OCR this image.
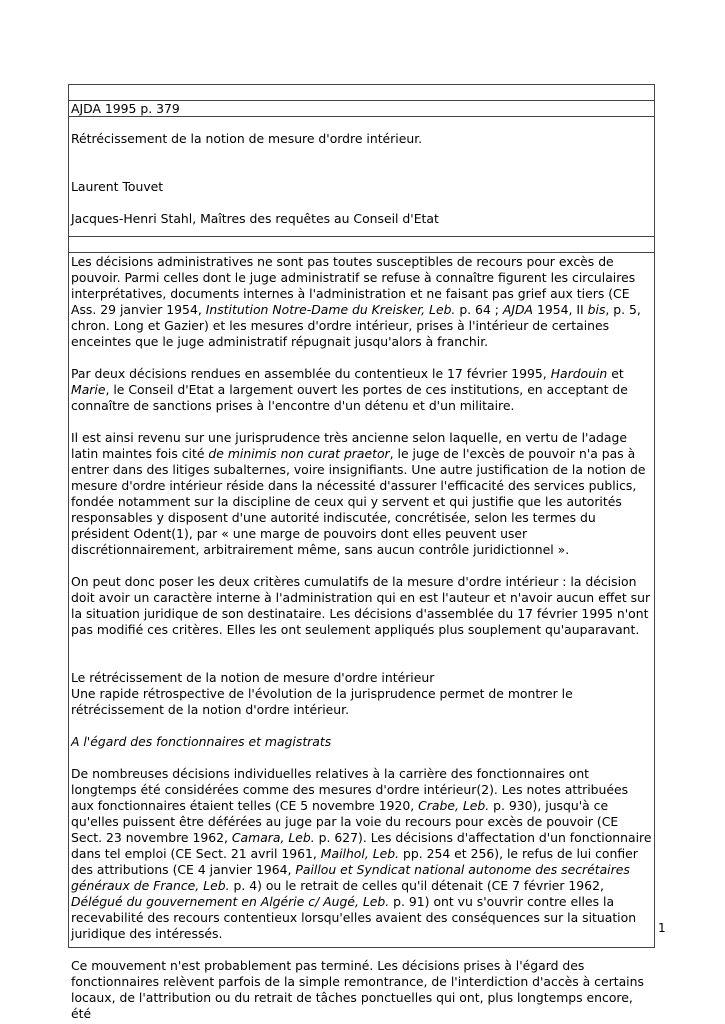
AJDA 1995 p. 379
Rétrécissement de la notion de mesure d'ordre intérieur.
Laurent Touvet
Jacques-Henri Stahl, Maîtres des requêtes au Conseil d'Etat

Les décisions administratives ne sont pas toutes susceptibles de recours pour excès de pouvoir. Parmi celles dont le juge administratif se refuse à connaître figurent les circulaires interprétatives, documents internes à l'administration et ne faisant pas grief aux tiers (CE Ass. 29 janvier 1954, Institution Notre-Dame du Kreisker, Leb. p. 64 ; AJDA 1954, II bis, p. 5, chron. Long et Gazier) et les mesures d'ordre intérieur, prises à l'intérieur de certaines enceintes que le juge administratif répugnait jusqu'alors à franchir.

Par deux décisions rendues en assemblée du contentieux le 17 février 1995, Hardouin et Marie, le Conseil d'Etat a largement ouvert les portes de ces institutions, en acceptant de connaître de sanctions prises à l'encontre d'un détenu et d'un militaire.

Il est ainsi revenu sur une jurisprudence très ancienne selon laquelle, en vertu de l'adage latin maintes fois cité de minimis non curat praetor, le juge de l'excès de pouvoir n'a pas à entrer dans des litiges subalternes, voire insignifiants. Une autre justification de la notion de mesure d'ordre intérieur réside dans la nécessité d'assurer l'efficacité des services publics, fondée notamment sur la discipline de ceux qui y servent et qui justifie que les autorités responsables y disposent d'une autorité indiscutée, concrétisée, selon les termes du président Odent(1), par « une marge de pouvoirs dont elles peuvent user discrétionnairement, arbitrairement même, sans aucun contrôle juridictionnel ».

On peut donc poser les deux critères cumulatifs de la mesure d'ordre intérieur : la décision doit avoir un caractère interne à l'administration qui en est l'auteur et n'avoir aucun effet sur la situation juridique de son destinataire. Les décisions d'assemblée du 17 février 1995 n'ont pas modifié ces critères. Elles les ont seulement appliqués plus souplement qu'auparavant.

Le rétrécissement de la notion de mesure d'ordre intérieur
Une rapide rétrospective de l'évolution de la jurisprudence permet de montrer le rétrécissement de la notion d'ordre intérieur.

A l'égard des fonctionnaires et magistrats

De nombreuses décisions individuelles relatives à la carrière des fonctionnaires ont longtemps été considérées comme des mesures d'ordre intérieur(2). Les notes attribuées aux fonctionnaires étaient telles (CE 5 novembre 1920, Crabe, Leb. p. 930), jusqu'à ce qu'elles puissent être déférées au juge par la voie du recours pour excès de pouvoir (CE Sect. 23 novembre 1962, Camara, Leb. p. 627). Les décisions d'affectation d'un fonctionnaire dans tel emploi (CE Sect. 21 avril 1961, Mailhol, Leb. pp. 254 et 256), le refus de lui confier des attributions (CE 4 janvier 1964, Paillou et Syndicat national autonome des secrétaires généraux de France, Leb. p. 4) ou le retrait de celles qu'il détenait (CE 7 février 1962, Délégué du gouvernement en Algérie c/ Augé, Leb. p. 91) ont vu s'ouvrir contre elles la recevabilité des recours contentieux lorsqu'elles avaient des conséquences sur la situation juridique des intéressés.

Ce mouvement n'est probablement pas terminé. Les décisions prises à l'égard des fonctionnaires relèvent parfois de la simple remontrance, de l'interdiction d'accès à certains locaux, de l'attribution ou du retrait de tâches ponctuelles qui ont, plus longtemps encore, été

1
